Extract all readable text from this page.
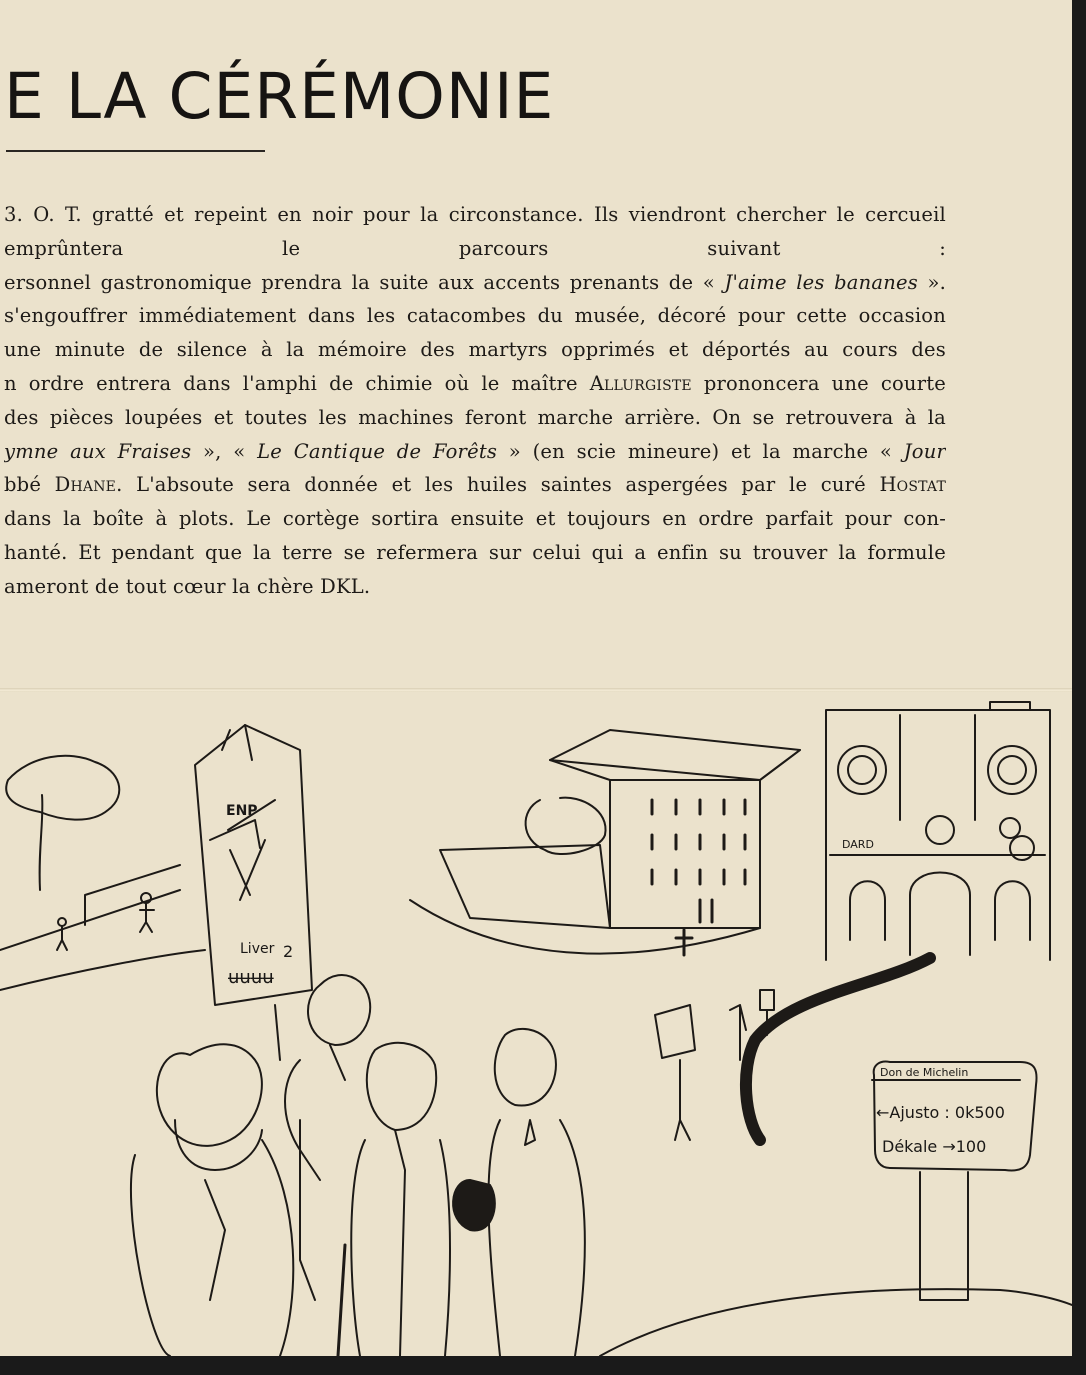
E LA CÉRÉMONIE
3. O. T. gratté et repeint en noir pour la circonstance. Ils viendront chercher le cercueil
emprûntera le parcours suivant :
ersonnel gastronomique prendra la suite aux accents prenants de « J'aime les bananes ».
s'engouffrer immédiatement dans les catacombes du musée, décoré pour cette occasion
une minute de silence à la mémoire des martyrs opprimés et déportés au cours des
n ordre entrera dans l'amphi de chimie où le maître Allurgiste prononcera une courte
des pièces loupées et toutes les machines feront marche arrière. On se retrouvera à la
ymne aux Fraises », « Le Cantique de Forêts » (en scie mineure) et la marche « Jour
bbé Dhane. L'absoute sera donnée et les huiles saintes aspergées par le curé Hostat
dans la boîte à plots. Le cortège sortira ensuite et toujours en ordre parfait pour con-
hanté. Et pendant que la terre se refermera sur celui qui a enfin su trouver la formule
ameront de tout cœur la chère DKL.
DARD
ENP
Liver 2
ʉʉʉʉ
Don de Michelin
←Ajusto : 0k500
Dékale →100
